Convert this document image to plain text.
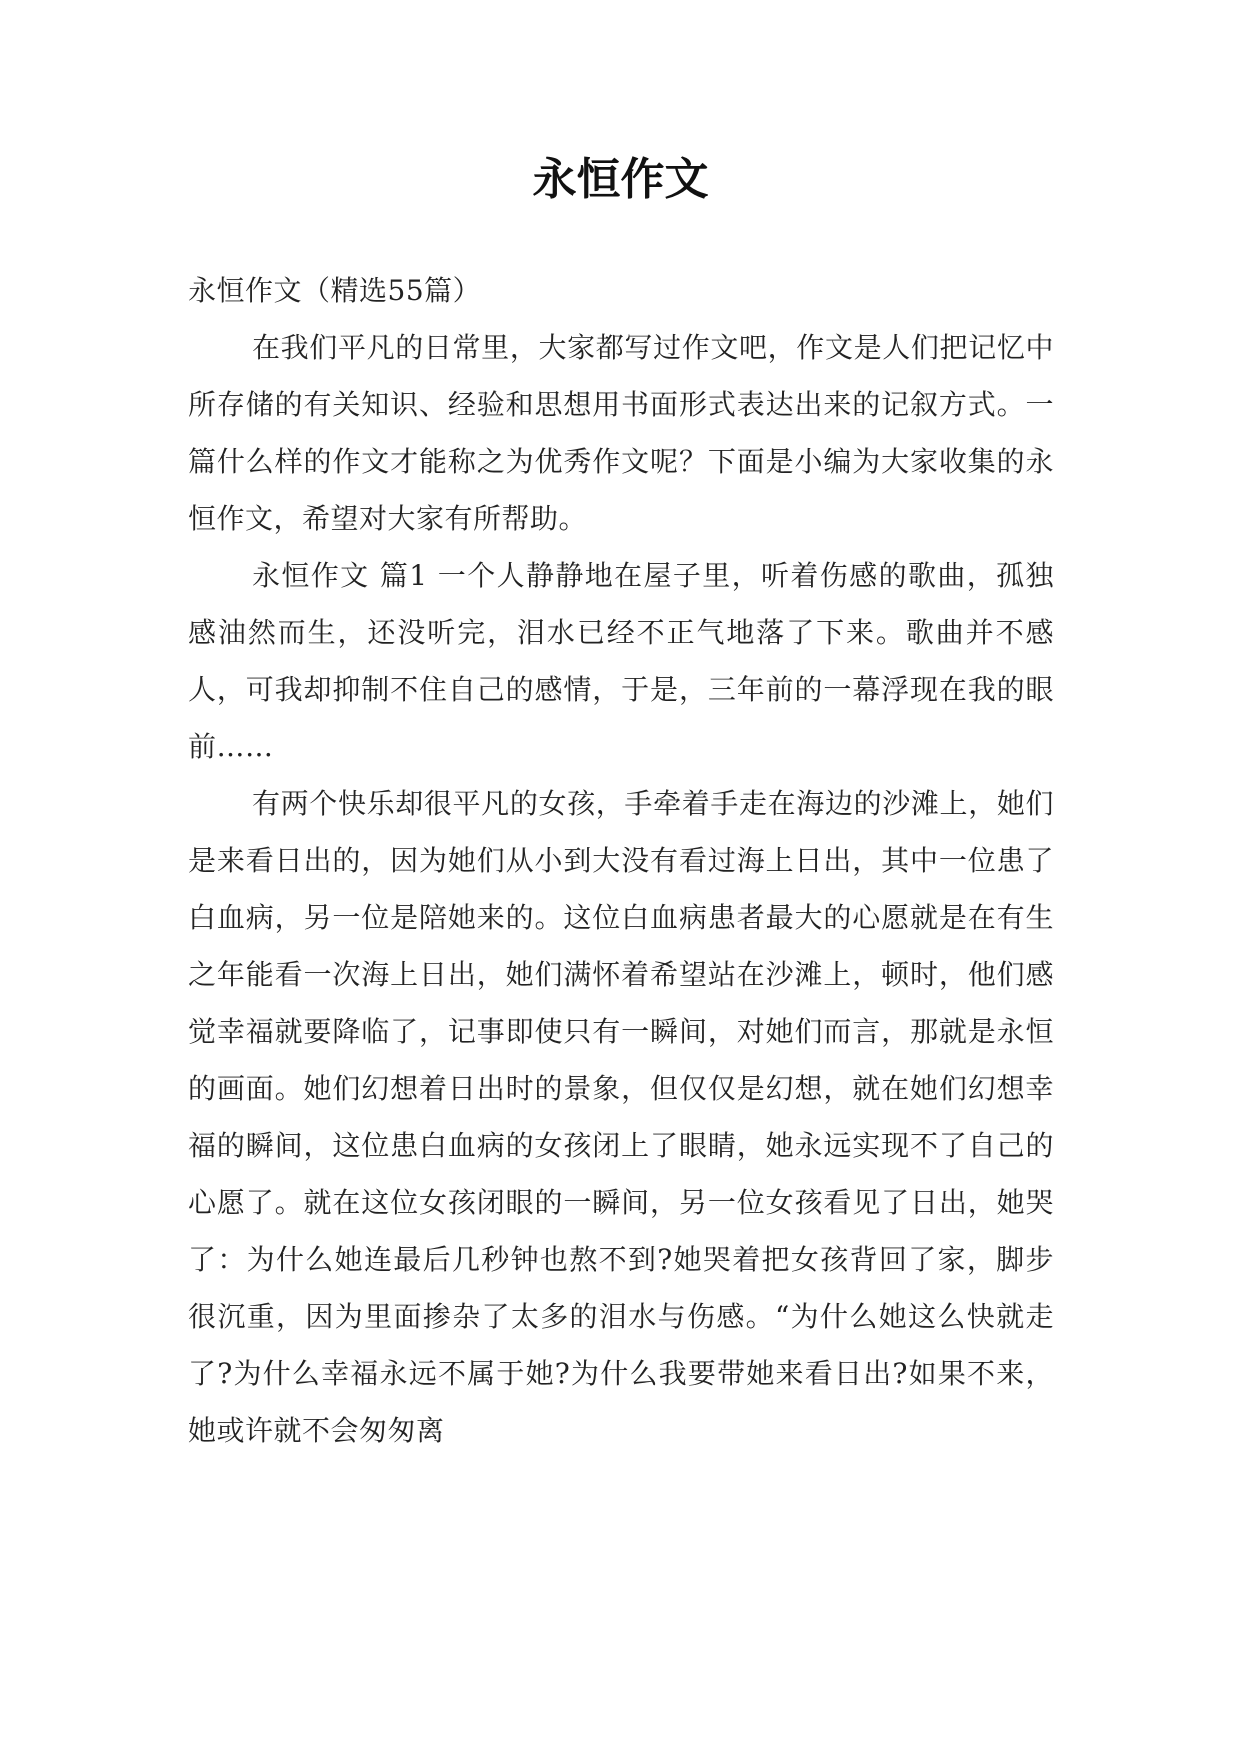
永恒作文

永恒作文（精选55篇）

在我们平凡的日常里，大家都写过作文吧，作文是人们把记忆中所存储的有关知识、经验和思想用书面形式表达出来的记叙方式。一篇什么样的作文才能称之为优秀作文呢？下面是小编为大家收集的永恒作文，希望对大家有所帮助。

永恒作文 篇1 一个人静静地在屋子里，听着伤感的歌曲，孤独感油然而生，还没听完，泪水已经不正气地落了下来。歌曲并不感人，可我却抑制不住自己的感情，于是，三年前的一幕浮现在我的眼前……

有两个快乐却很平凡的女孩，手牵着手走在海边的沙滩上，她们是来看日出的，因为她们从小到大没有看过海上日出，其中一位患了白血病，另一位是陪她来的。这位白血病患者最大的心愿就是在有生之年能看一次海上日出，她们满怀着希望站在沙滩上，顿时，他们感觉幸福就要降临了，记事即使只有一瞬间，对她们而言，那就是永恒的画面。她们幻想着日出时的景象，但仅仅是幻想，就在她们幻想幸福的瞬间，这位患白血病的女孩闭上了眼睛，她永远实现不了自己的心愿了。就在这位女孩闭眼的一瞬间，另一位女孩看见了日出，她哭了：为什么她连最后几秒钟也熬不到?她哭着把女孩背回了家，脚步很沉重，因为里面掺杂了太多的泪水与伤感。“为什么她这么快就走了?为什么幸福永远不属于她?为什么我要带她来看日出?如果不来，她或许就不会匆匆离
